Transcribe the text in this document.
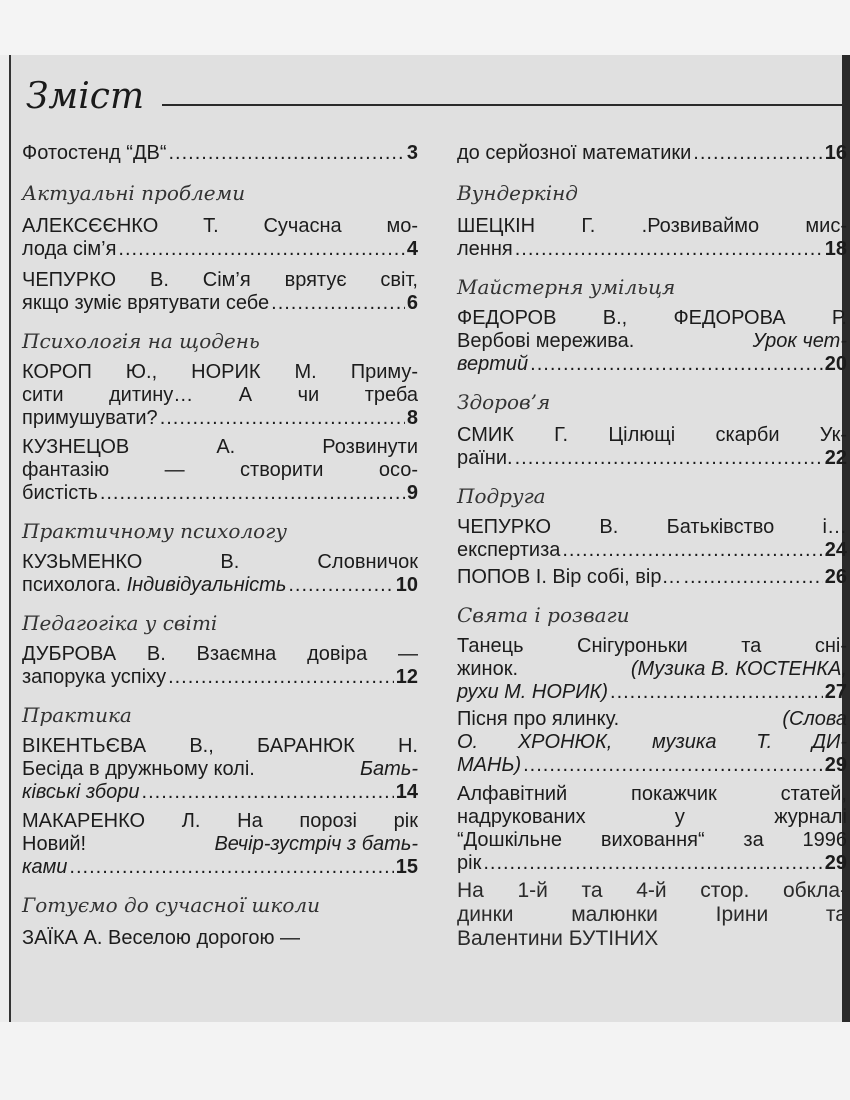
Зміст
Фотостенд “ДВ“ .....	3
Актуальні проблеми
АЛЕКСЄЄНКО Т. Сучасна мо-
лода сім’я .....	4
ЧЕПУРКО В. Сім’я врятує світ,
якщо зуміє врятувати себе .....	6
Психологія на щодень
КОРОП Ю., НОРИК М. Приму-
сити дитину… А чи треба
примушувати? .....	8
КУЗНЕЦОВ А. Розвинути
фантазію — створити осо-
бистість .....	9
Практичному психологу
КУЗЬМЕНКО В. Словничок
психолога.
Індивідуальність .....	10
Педагогіка у світі
ДУБРОВА В. Взаємна довіра —
запорука успіху .....	12
Практика
ВІКЕНТЬЄВА В., БАРАНЮК Н.
Бесіда в дружньому колі.	Бать-
ківські збори .....	14
МАКАРЕНКО Л. На порозі рік
Новий!	Вечір-зустріч з бать-
ками .....	15
Готуємо до сучасної школи
ЗАЇКА А. Веселою дорогою —
до серйозної математики .....	16
Вундеркінд
ШЕЦКІН Г. .Розвиваймо мис-
лення .....	18
Майстерня умільця
ФЕДОРОВ В., ФЕДОРОВА Р.
Вербові мережива.	Урок чет-
вертий .....	20
Здоров’я
СМИК Г. Цілющі скарби Ук-
раїни. .....	22
Подруга
ЧЕПУРКО В. Батьківство і…
експертиза .....	24
ПОПОВ І. Вір собі, вір… .....	26
Свята і розваги
Танець Снігуроньки та сні-
жинок.	(Музика В. КОСТЕНКА,
рухи М. НОРИК) .....	27
Пісня про ялинку.	(Слова
О. ХРОНЮК, музика Т. ДИ-
МАНЬ) .....	29
Алфавітний покажчик статей,
надрукованих у журналі
“Дошкільне виховання“ за 1996
рік .....	29
На 1-й та 4-й стор. обкла-
динки малюнки Ірини та
Валентини БУТІНИХ
